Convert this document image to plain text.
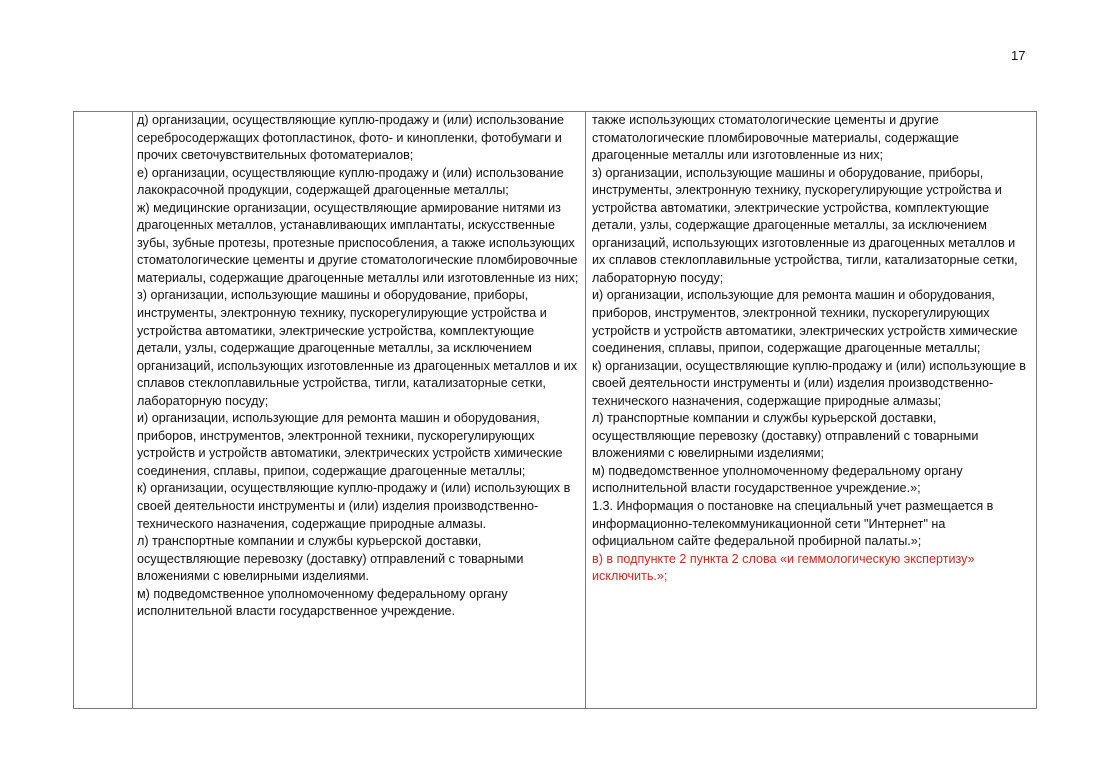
17

д) организации, осуществляющие куплю-продажу и (или) использование серебросодержащих фотопластинок, фото- и кинопленки, фотобумаги и прочих светочувствительных фотоматериалов;

е) организации, осуществляющие куплю-продажу и (или) использование лакокрасочной продукции, содержащей драгоценные металлы;

ж) медицинские организации, осуществляющие армирование нитями из драгоценных металлов, устанавливающих имплантаты, искусственные зубы, зубные протезы, протезные приспособления, а также использующих стоматологические цементы и другие стоматологические пломбировочные материалы, содержащие драгоценные металлы или изготовленные из них;

з) организации, использующие машины и оборудование, приборы, инструменты, электронную технику, пускорегулирующие устройства и устройства автоматики, электрические устройства, комплектующие детали, узлы, содержащие драгоценные металлы, за исключением организаций, использующих изготовленные из драгоценных металлов и их сплавов стеклоплавильные устройства, тигли, катализаторные сетки, лабораторную посуду;

и) организации, использующие для ремонта машин и оборудования, приборов, инструментов, электронной техники, пускорегулирующих устройств и устройств автоматики, электрических устройств химические соединения, сплавы, припои, содержащие драгоценные металлы;

к) организации, осуществляющие куплю-продажу и (или) использующих в своей деятельности инструменты и (или) изделия производственно-технического назначения, содержащие природные алмазы.

л) транспортные компании и службы курьерской доставки, осуществляющие перевозку (доставку) отправлений с товарными вложениями с ювелирными изделиями.

м) подведомственное уполномоченному федеральному органу исполнительной власти государственное учреждение.

также использующих стоматологические цементы и другие стоматологические пломбировочные материалы, содержащие драгоценные металлы или изготовленные из них;

з) организации, использующие машины и оборудование, приборы, инструменты, электронную технику, пускорегулирующие устройства и устройства автоматики, электрические устройства, комплектующие детали, узлы, содержащие драгоценные металлы, за исключением организаций, использующих изготовленные из драгоценных металлов и их сплавов стеклоплавильные устройства, тигли, катализаторные сетки, лабораторную посуду;

и) организации, использующие для ремонта машин и оборудования, приборов, инструментов, электронной техники, пускорегулирующих устройств и устройств автоматики, электрических устройств химические соединения, сплавы, припои, содержащие драгоценные металлы;

к) организации, осуществляющие куплю-продажу и (или) использующие в своей деятельности инструменты и (или) изделия производственно-технического назначения, содержащие природные алмазы;

л) транспортные компании и службы курьерской доставки, осуществляющие перевозку (доставку) отправлений с товарными вложениями с ювелирными изделиями;

м) подведомственное уполномоченному федеральному органу исполнительной власти государственное учреждение.»;

1.3. Информация о постановке на специальный учет размещается в информационно-телекоммуникационной сети "Интернет" на официальном сайте федеральной пробирной палаты.»;

в) в подпункте 2 пункта 2 слова «и геммологическую экспертизу» исключить.»;
